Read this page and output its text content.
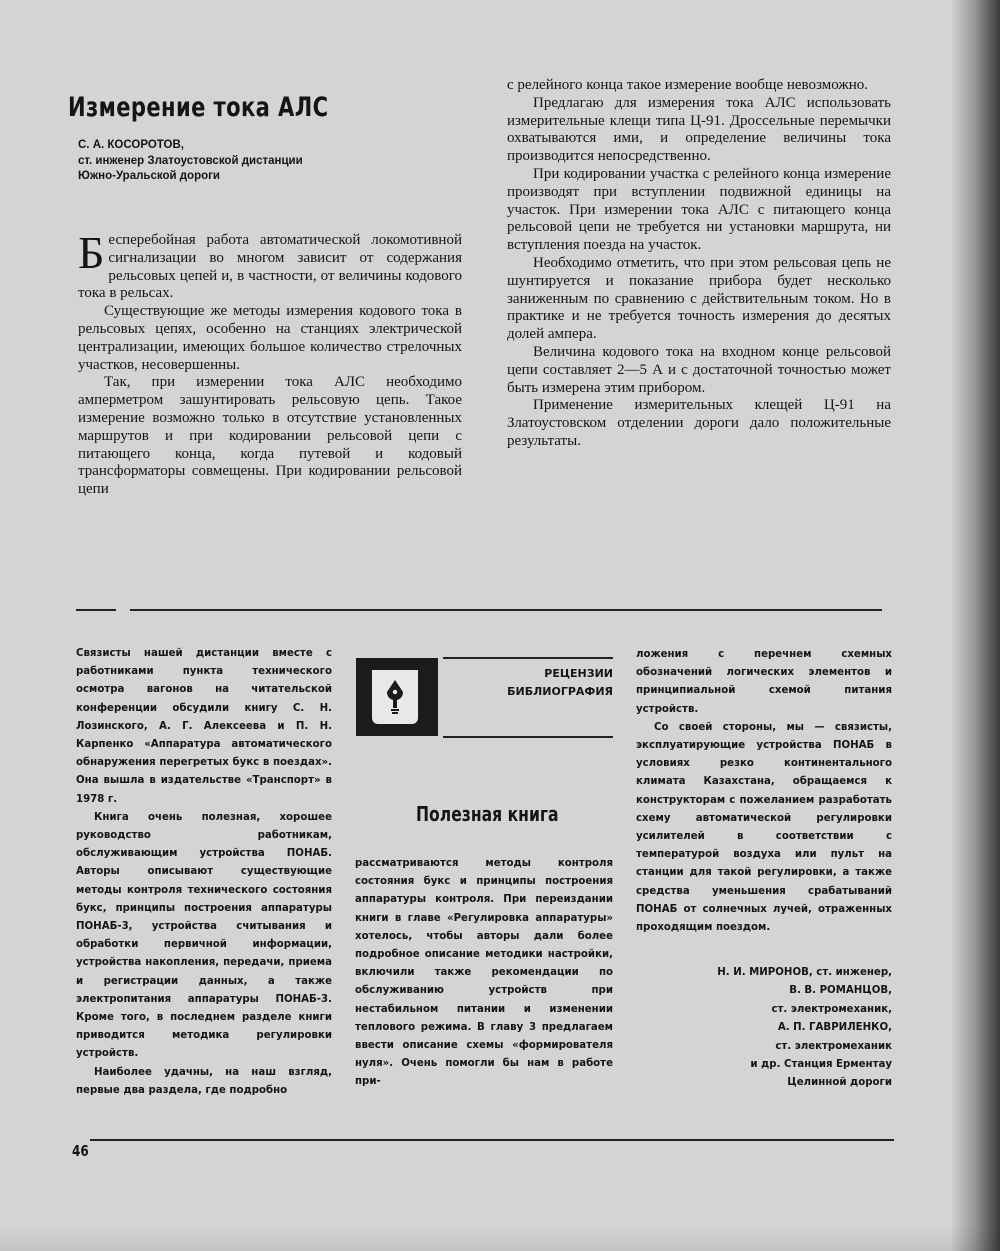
Измерение тока АЛС
С. А. КОСОРОТОВ,
ст. инженер Златоустовской дистанции
Южно-Уральской дороги

Бесперебойная работа автоматической локомотивной сигнализации во многом зависит от содержания рельсовых цепей и, в частности, от величины кодового тока в рельсах.

Существующие же методы измерения кодового тока в рельсовых цепях, особенно на станциях электрической централизации, имеющих большое количество стрелочных участков, несовершенны.

Так, при измерении тока АЛС необходимо амперметром зашунтировать рельсовую цепь. Такое измерение возможно только в отсутствие установленных маршрутов и при кодировании рельсовой цепи с питающего конца, когда путевой и кодовый трансформаторы совмещены. При кодировании рельсовой цепи

с релейного конца такое измерение вообще невозможно.

Предлагаю для измерения тока АЛС использовать измерительные клещи типа Ц-91. Дроссельные перемычки охватываются ими, и определение величины тока производится непосредственно.

При кодировании участка с релейного конца измерение производят при вступлении подвижной единицы на участок. При измерении тока АЛС с питающего конца рельсовой цепи не требуется ни установки маршрута, ни вступления поезда на участок.

Необходимо отметить, что при этом рельсовая цепь не шунтируется и показание прибора будет несколько заниженным по сравнению с действительным током. Но в практике и не требуется точность измерения до десятых долей ампера.

Величина кодового тока на входном конце рельсовой цепи составляет 2—5 А и с достаточной точностью может быть измерена этим прибором.

Применение измерительных клещей Ц-91 на Златоустовском отделении дороги дало положительные результаты.

Связисты нашей дистанции вместе с работниками пункта технического осмотра вагонов на читательской конференции обсудили книгу С. Н. Лозинского, А. Г. Алексеева и П. Н. Карпенко «Аппаратура автоматического обнаружения перегретых букс в поездах». Она вышла в издательстве «Транспорт» в 1978 г.

Книга очень полезная, хорошее руководство работникам, обслуживающим устройства ПОНАБ. Авторы описывают существующие методы контроля технического состояния букс, принципы построения аппаратуры ПОНАБ-3, устройства считывания и обработки первичной информации, устройства накопления, передачи, приема и регистрации данных, а также электропитания аппаратуры ПОНАБ-3. Кроме того, в последнем разделе книги приводится методика регулировки устройств.

Наиболее удачны, на наш взгляд, первые два раздела, где подробно

РЕЦЕНЗИИ
БИБЛИОГРАФИЯ
Полезная книга

рассматриваются методы контроля состояния букс и принципы построения аппаратуры контроля. При переиздании книги в главе «Регулировка аппаратуры» хотелось, чтобы авторы дали более подробное описание методики настройки, включили также рекомендации по обслуживанию устройств при нестабильном питании и изменении теплового режима. В главу 3 предлагаем ввести описание схемы «формирователя нуля». Очень помогли бы нам в работе при-

ложения с перечнем схемных обозначений логических элементов и принципиальной схемой питания устройств.

Со своей стороны, мы — связисты, эксплуатирующие устройства ПОНАБ в условиях резко континентального климата Казахстана, обращаемся к конструкторам с пожеланием разработать схему автоматической регулировки усилителей в соответствии с температурой воздуха или пульт на станции для такой регулировки, а также средства уменьшения срабатываний ПОНАБ от солнечных лучей, отраженных проходящим поездом.

Н. И. МИРОНОВ, ст. инженер,
В. В. РОМАНЦОВ,
ст. электромеханик,
А. П. ГАВРИЛЕНКО,
ст. электромеханик
и др. Станция Ерментау
Целинной дороги
46
